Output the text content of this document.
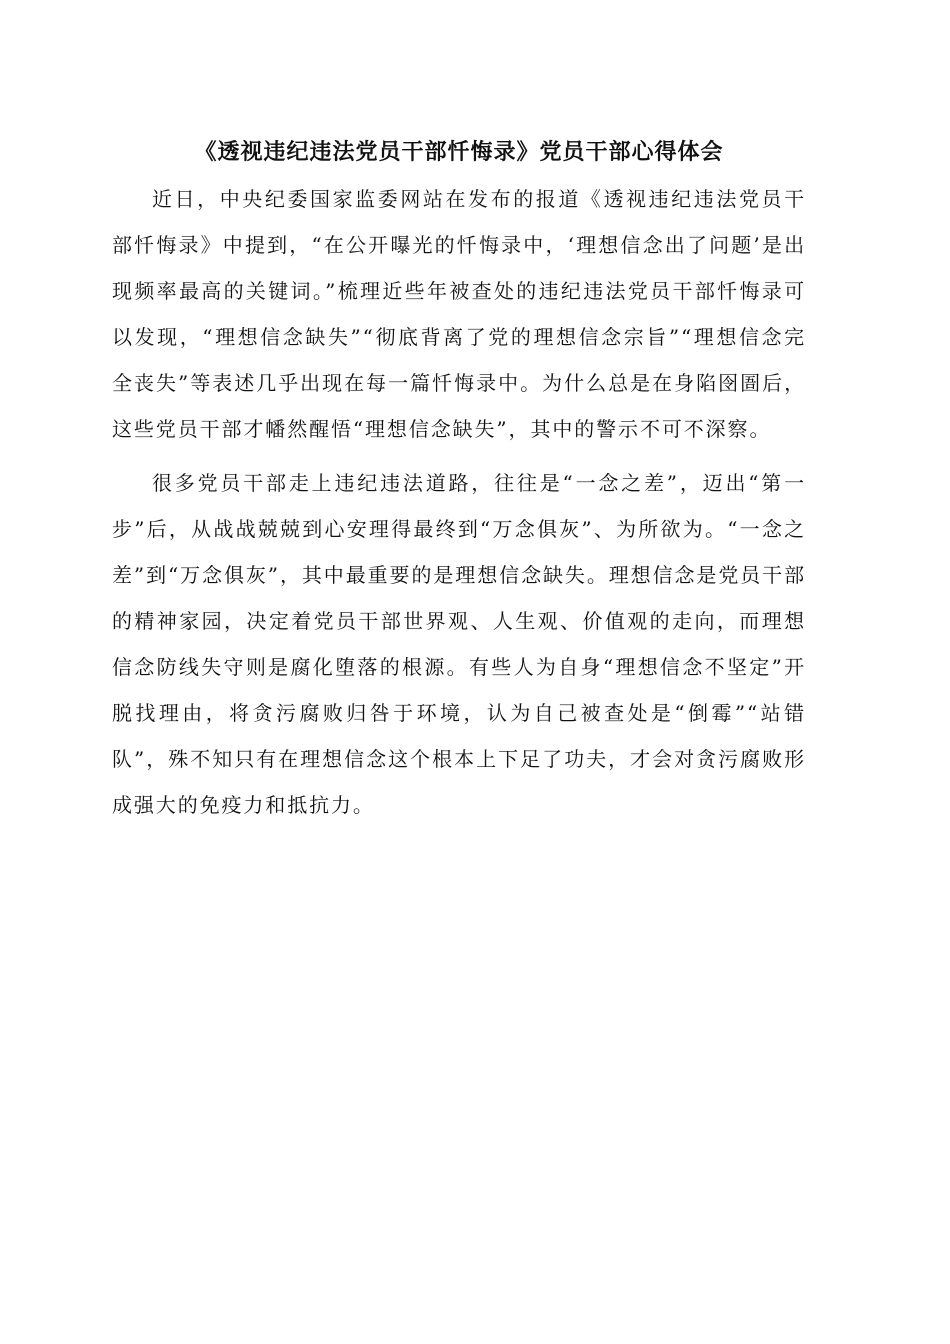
《透视违纪违法党员干部忏悔录》党员干部心得体会

近日，中央纪委国家监委网站在发布的报道《透视违纪违法党员干部忏悔录》中提到，“在公开曝光的忏悔录中，‘理想信念出了问题’是出现频率最高的关键词。”梳理近些年被查处的违纪违法党员干部忏悔录可以发现，“理想信念缺失”“彻底背离了党的理想信念宗旨”“理想信念完全丧失”等表述几乎出现在每一篇忏悔录中。为什么总是在身陷囹圄后，这些党员干部才幡然醒悟“理想信念缺失”，其中的警示不可不深察。

很多党员干部走上违纪违法道路，往往是“一念之差”，迈出“第一步”后，从战战兢兢到心安理得最终到“万念俱灰”、为所欲为。“一念之差”到“万念俱灰”，其中最重要的是理想信念缺失。理想信念是党员干部的精神家园，决定着党员干部世界观、人生观、价值观的走向，而理想信念防线失守则是腐化堕落的根源。有些人为自身“理想信念不坚定”开脱找理由，将贪污腐败归咎于环境，认为自己被查处是“倒霉”“站错队”，殊不知只有在理想信念这个根本上下足了功夫，才会对贪污腐败形成强大的免疫力和抵抗力。
